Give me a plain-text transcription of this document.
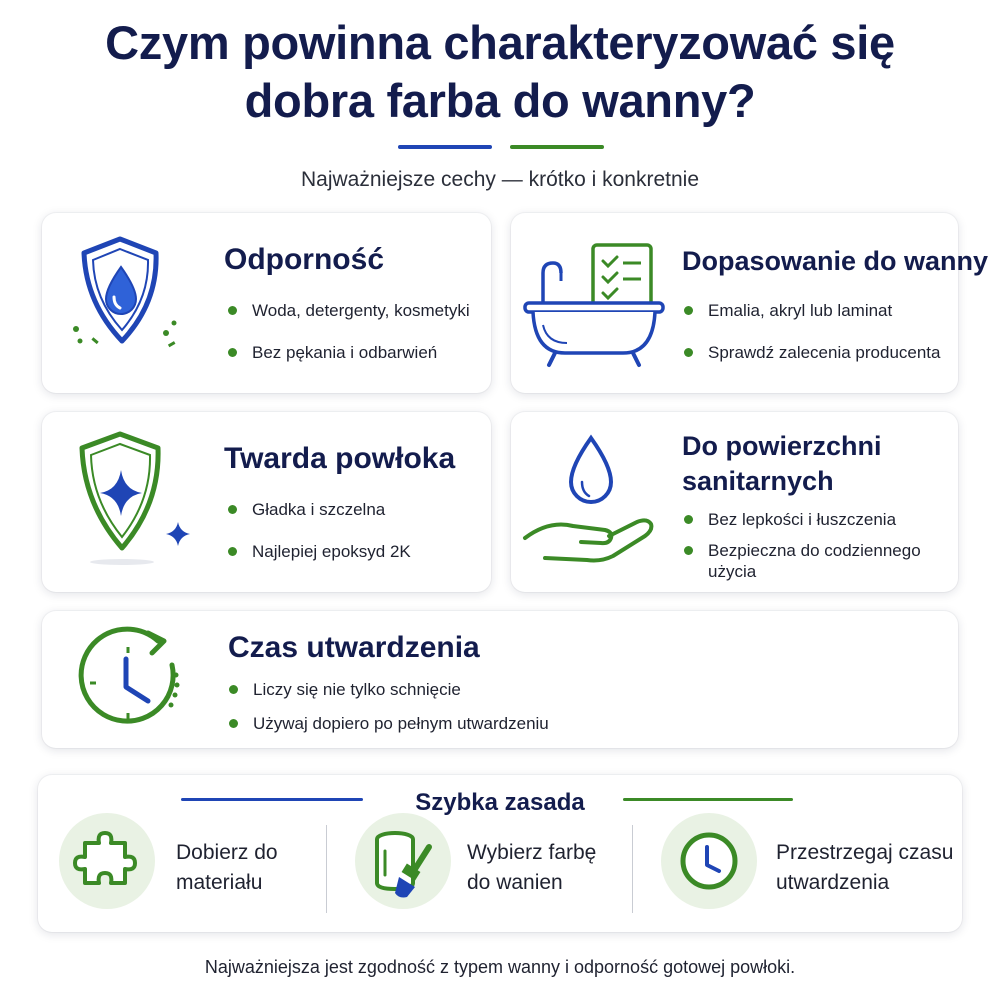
Czym powinna charakteryzować się
dobra farba do wanny?
Najważniejsze cechy — krótko i konkretnie
Odporność
Woda, detergenty, kosmetyki
Bez pękania i odbarwień
Dopasowanie do wanny
Emalia, akryl lub laminat
Sprawdź zalecenia producenta
Twarda powłoka
Gładka i szczelna
Najlepiej epoksyd 2K
Do powierzchni
sanitarnych
Bez lepkości i łuszczenia
Bezpieczna do codziennego
użycia
Czas utwardzenia
Liczy się nie tylko schnięcie
Używaj dopiero po pełnym utwardzeniu
Szybka zasada
Dobierz do
materiału
Wybierz farbę
do wanien
Przestrzegaj czasu
utwardzenia
Najważniejsza jest zgodność z typem wanny i odporność gotowej powłoki.
